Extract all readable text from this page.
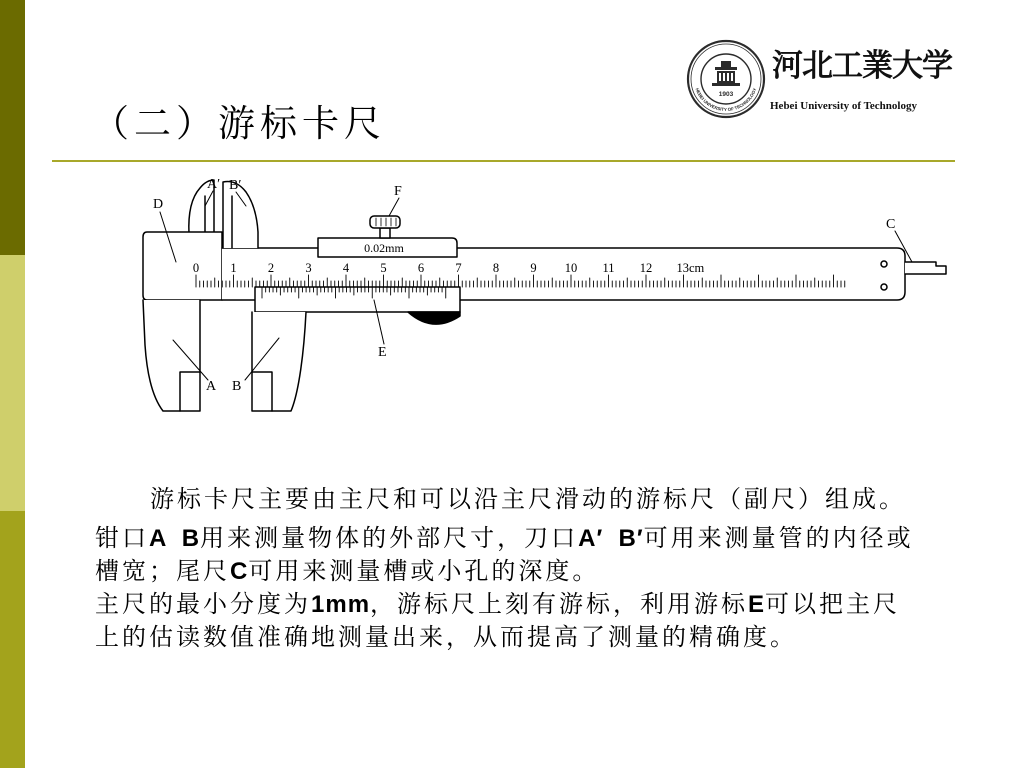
HEBEI UNIVERSITY OF TECHNOLOGY
1903
河北工業大学
Hebei University of Technology
（二）游标卡尺
0	1	2	3	4	5	6	7	8	9 10 11 12 13cm
0.02mm
D
A′ B′	F
C
E
A B
游标卡尺主要由主尺和可以沿主尺滑动的游标尺（副尺）组成。
钳口A  B用来测量物体的外部尺寸，刀口A′  B′可用来测量管的内径或
槽宽；尾尺C可用来测量槽或小孔的深度。
主尺的最小分度为1mm，游标尺上刻有游标，利用游标E可以把主尺
上的估读数值准确地测量出来，从而提高了测量的精确度。
